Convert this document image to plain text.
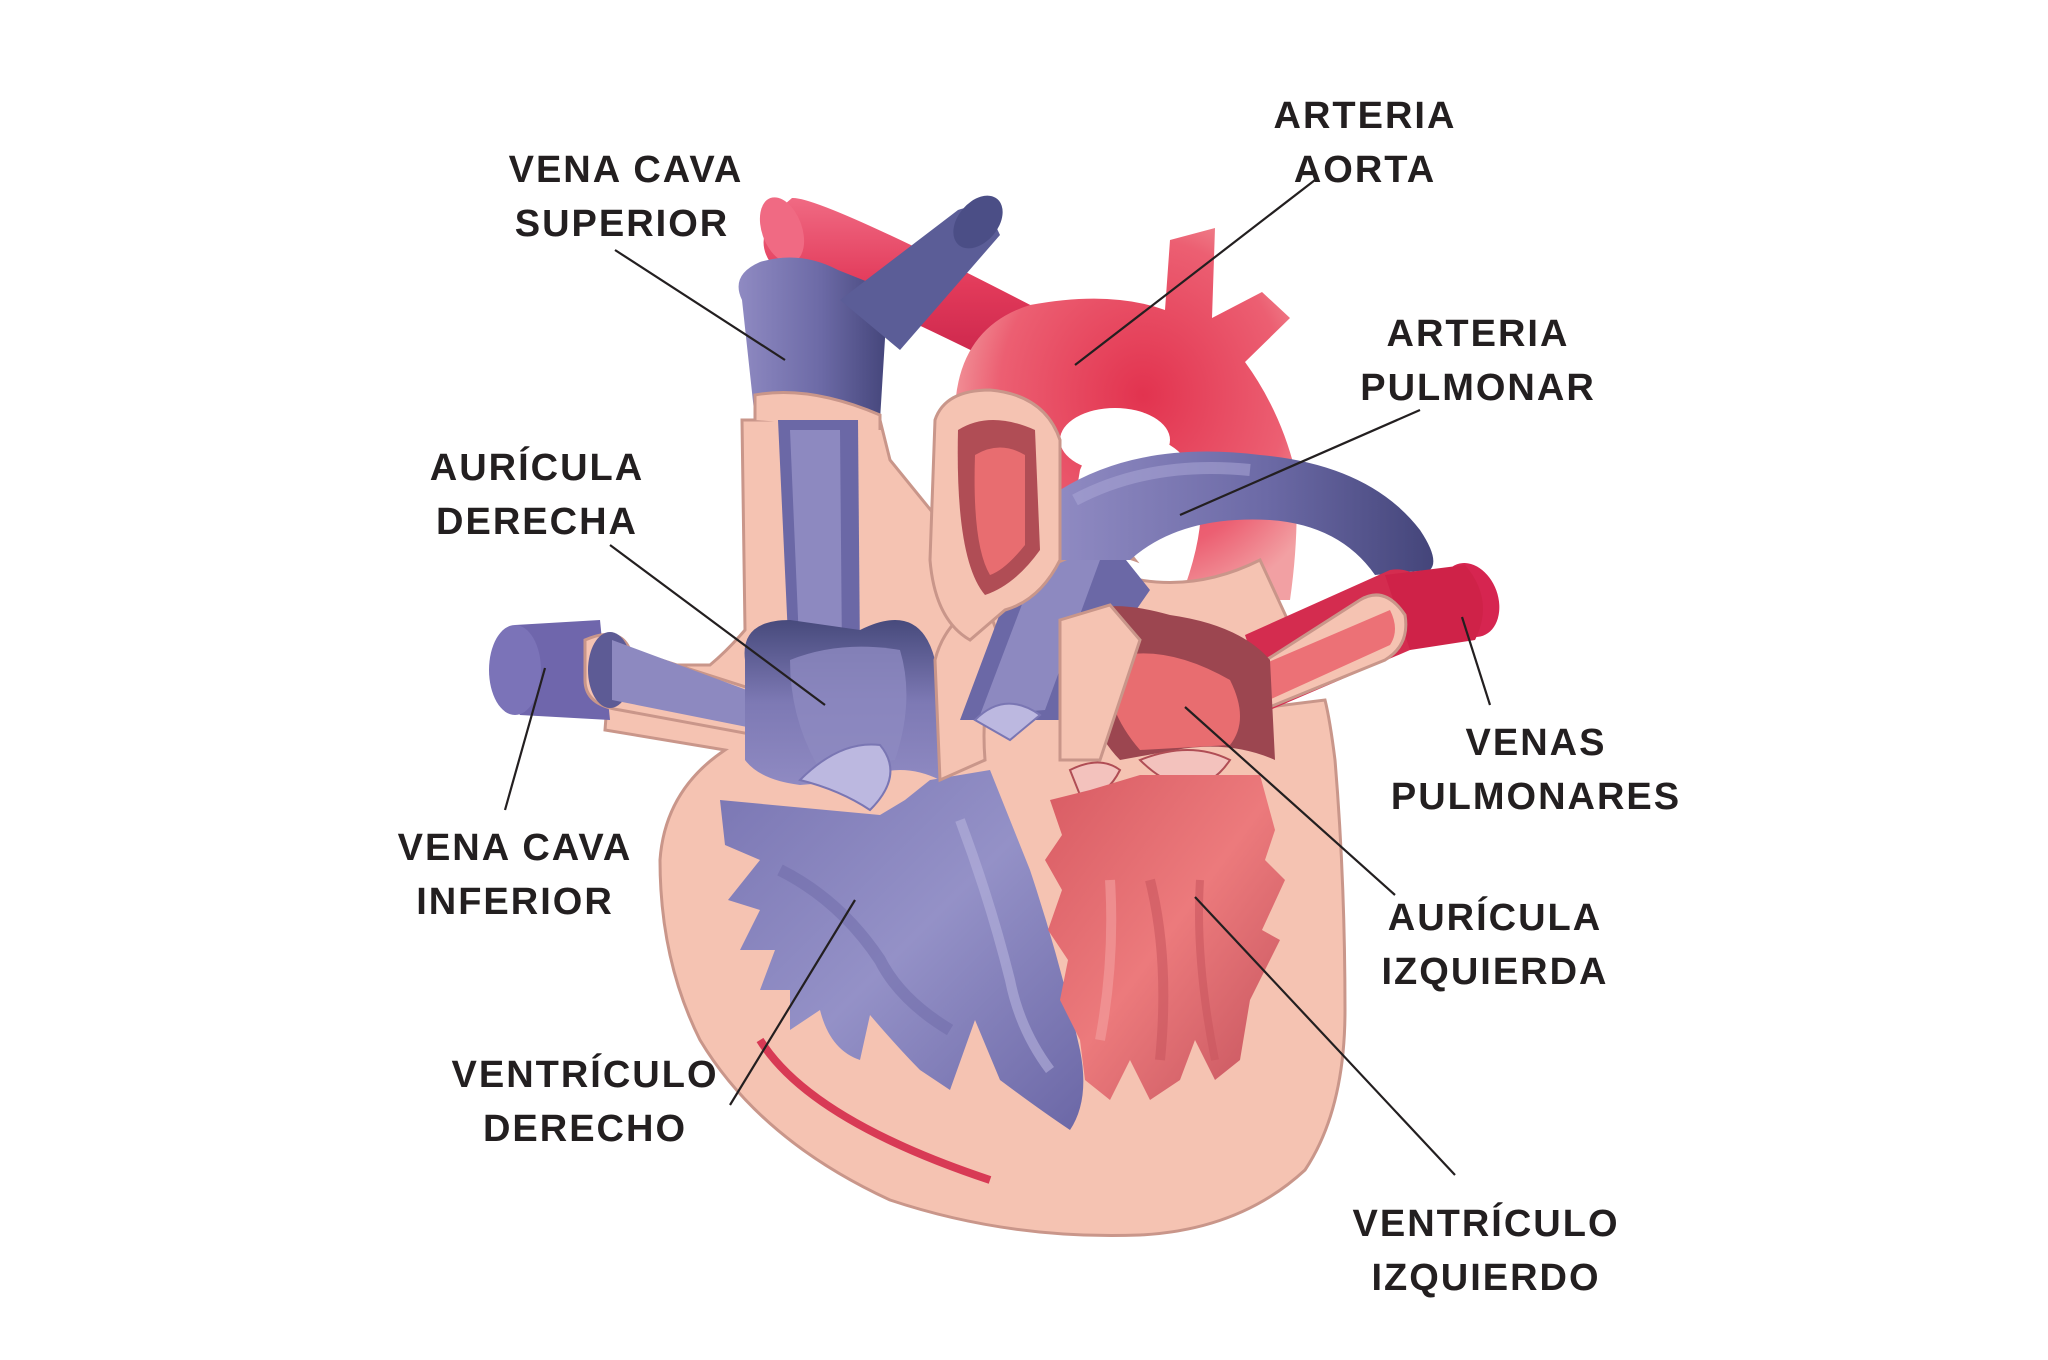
VENA CAVA
SUPERIOR
ARTERIA
AORTA
ARTERIA
PULMONAR
AURÍCULA
DERECHA
VENAS
PULMONARES
VENA CAVA
INFERIOR	AURÍCULA
IZQUIERDA
VENTRÍCULO
DERECHO
VENTRÍCULO
IZQUIERDO
